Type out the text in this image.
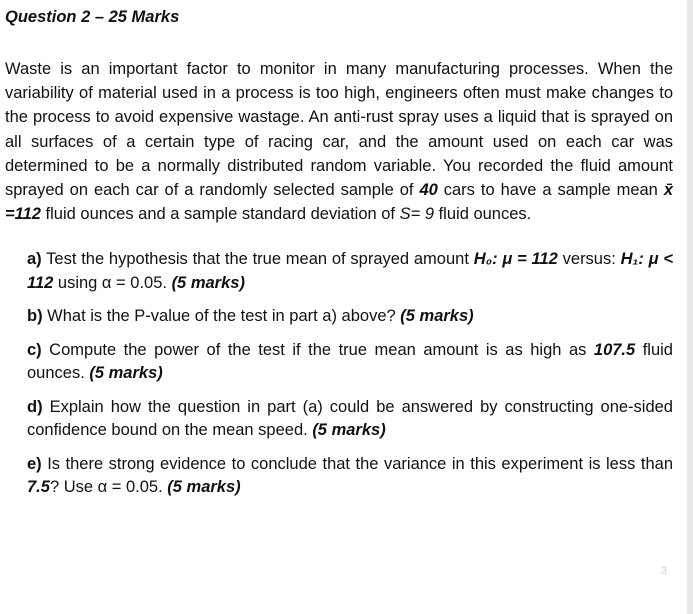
Question 2 – 25 Marks

Waste is an important factor to monitor in many manufacturing processes. When the variability of material used in a process is too high, engineers often must make changes to the process to avoid expensive wastage. An anti-rust spray uses a liquid that is sprayed on all surfaces of a certain type of racing car, and the amount used on each car was determined to be a normally distributed random variable. You recorded the fluid amount sprayed on each car of a randomly selected sample of 40 cars to have a sample mean x̄ =112 fluid ounces and a sample standard deviation of S= 9 fluid ounces.

a) Test the hypothesis that the true mean of sprayed amount H₀: μ = 112 versus: H₁: μ < 112 using α = 0.05. (5 marks)

b) What is the P-value of the test in part a) above? (5 marks)

c) Compute the power of the test if the true mean amount is as high as 107.5 fluid ounces. (5 marks)

d) Explain how the question in part (a) could be answered by constructing one-sided confidence bound on the mean speed. (5 marks)

e) Is there strong evidence to conclude that the variance in this experiment is less than 7.5? Use α = 0.05. (5 marks)

3
